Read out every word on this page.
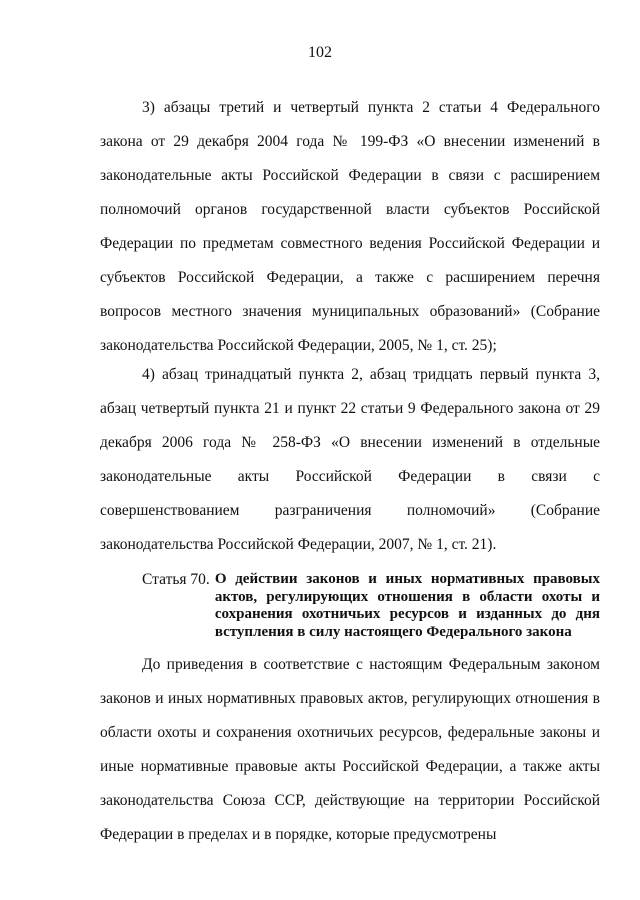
102

3) абзацы третий и четвертый пункта 2 статьи 4 Федерального закона от 29 декабря 2004 года № 199-ФЗ «О внесении изменений в законодательные акты Российской Федерации в связи с расширением полномочий органов государственной власти субъектов Российской Федерации по предметам совместного ведения Российской Федерации и субъектов Российской Федерации, а также с расширением перечня вопросов местного значения муниципальных образований» (Собрание законодательства Российской Федерации, 2005, № 1, ст. 25);

4) абзац тринадцатый пункта 2, абзац тридцать первый пункта 3, абзац четвертый пункта 21 и пункт 22 статьи 9 Федерального закона от 29 декабря 2006 года № 258-ФЗ «О внесении изменений в отдельные законодательные акты Российской Федерации в связи с совершенствованием разграничения полномочий» (Собрание законодательства Российской Федерации, 2007, № 1, ст. 21).

Статья 70. О действии законов и иных нормативных правовых актов, регулирующих отношения в области охоты и сохранения охотничьих ресурсов и изданных до дня вступления в силу настоящего Федерального закона

До приведения в соответствие с настоящим Федеральным законом законов и иных нормативных правовых актов, регулирующих отношения в области охоты и сохранения охотничьих ресурсов, федеральные законы и иные нормативные правовые акты Российской Федерации, а также акты законодательства Союза ССР, действующие на территории Российской Федерации в пределах и в порядке, которые предусмотрены
